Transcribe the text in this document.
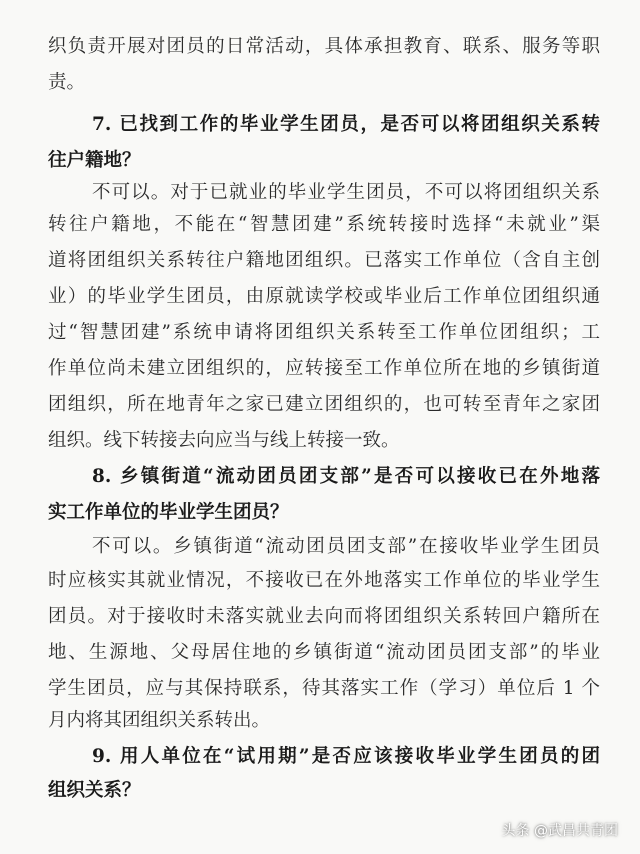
织负责开展对团员的日常活动，具体承担教育、联系、服务等职
责。
7. 已找到工作的毕业学生团员，是否可以将团组织关系转
往户籍地？
不可以。对于已就业的毕业学生团员，不可以将团组织关系
转往户籍地，不能在“智慧团建”系统转接时选择“未就业”渠
道将团组织关系转往户籍地团组织。已落实工作单位（含自主创
业）的毕业学生团员，由原就读学校或毕业后工作单位团组织通
过“智慧团建”系统申请将团组织关系转至工作单位团组织；工
作单位尚未建立团组织的，应转接至工作单位所在地的乡镇街道
团组织，所在地青年之家已建立团组织的，也可转至青年之家团
组织。线下转接去向应当与线上转接一致。
8. 乡镇街道“流动团员团支部”是否可以接收已在外地落
实工作单位的毕业学生团员？
不可以。乡镇街道“流动团员团支部”在接收毕业学生团员
时应核实其就业情况，不接收已在外地落实工作单位的毕业学生
团员。对于接收时未落实就业去向而将团组织关系转回户籍所在
地、生源地、父母居住地的乡镇街道“流动团员团支部”的毕业
学生团员，应与其保持联系，待其落实工作（学习）单位后 1 个
月内将其团组织关系转出。
9. 用人单位在“试用期”是否应该接收毕业学生团员的团
组织关系？
头条 @武昌共青团
